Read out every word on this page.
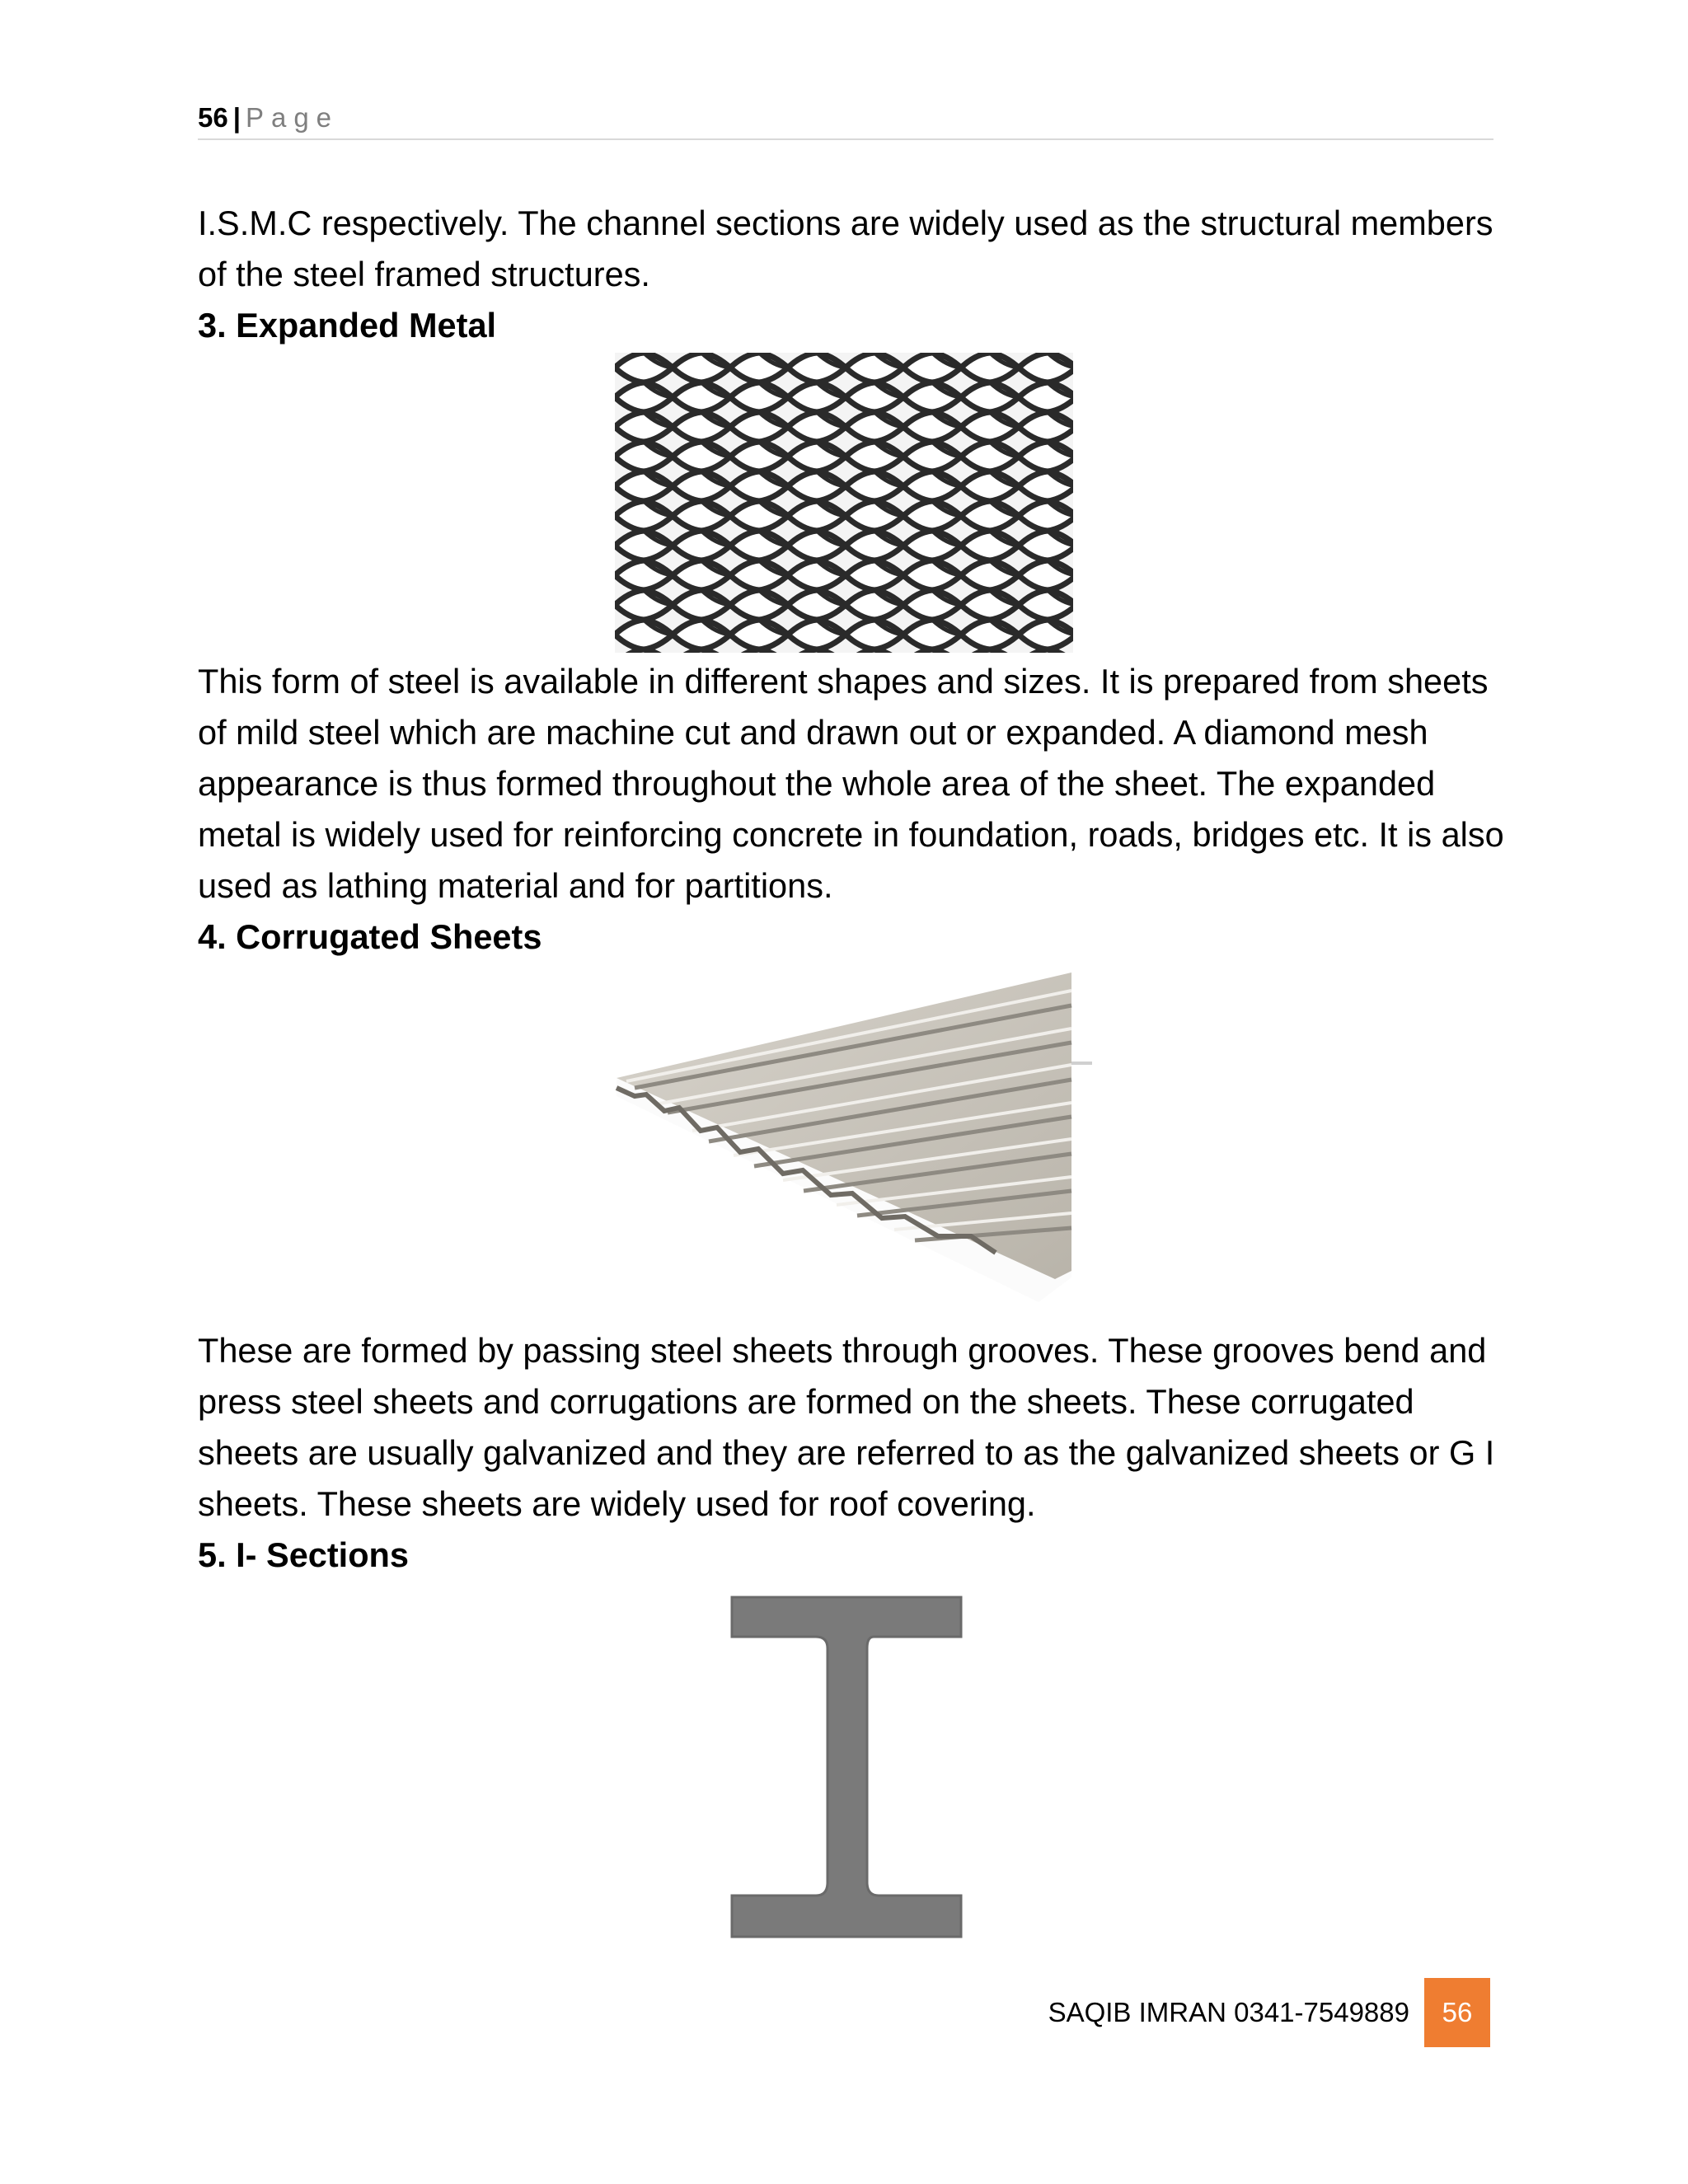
56 | Page

I.S.M.C respectively. The channel sections are widely used as the structural members of the steel framed structures.

3. Expanded Metal

This form of steel is available in different shapes and sizes. It is prepared from sheets of mild steel which are machine cut and drawn out or expanded. A diamond mesh appearance is thus formed throughout the whole area of the sheet. The expanded metal is widely used for reinforcing concrete in foundation, roads, bridges etc. It is also used as lathing material and for partitions.

4. Corrugated Sheets

These are formed by passing steel sheets through grooves. These grooves bend and press steel sheets and corrugations are formed on the sheets. These corrugated sheets are usually galvanized and they are referred to as the galvanized sheets or G I sheets. These sheets are widely used for roof covering.

5. I- Sections

SAQIB IMRAN 0341-7549889	56
